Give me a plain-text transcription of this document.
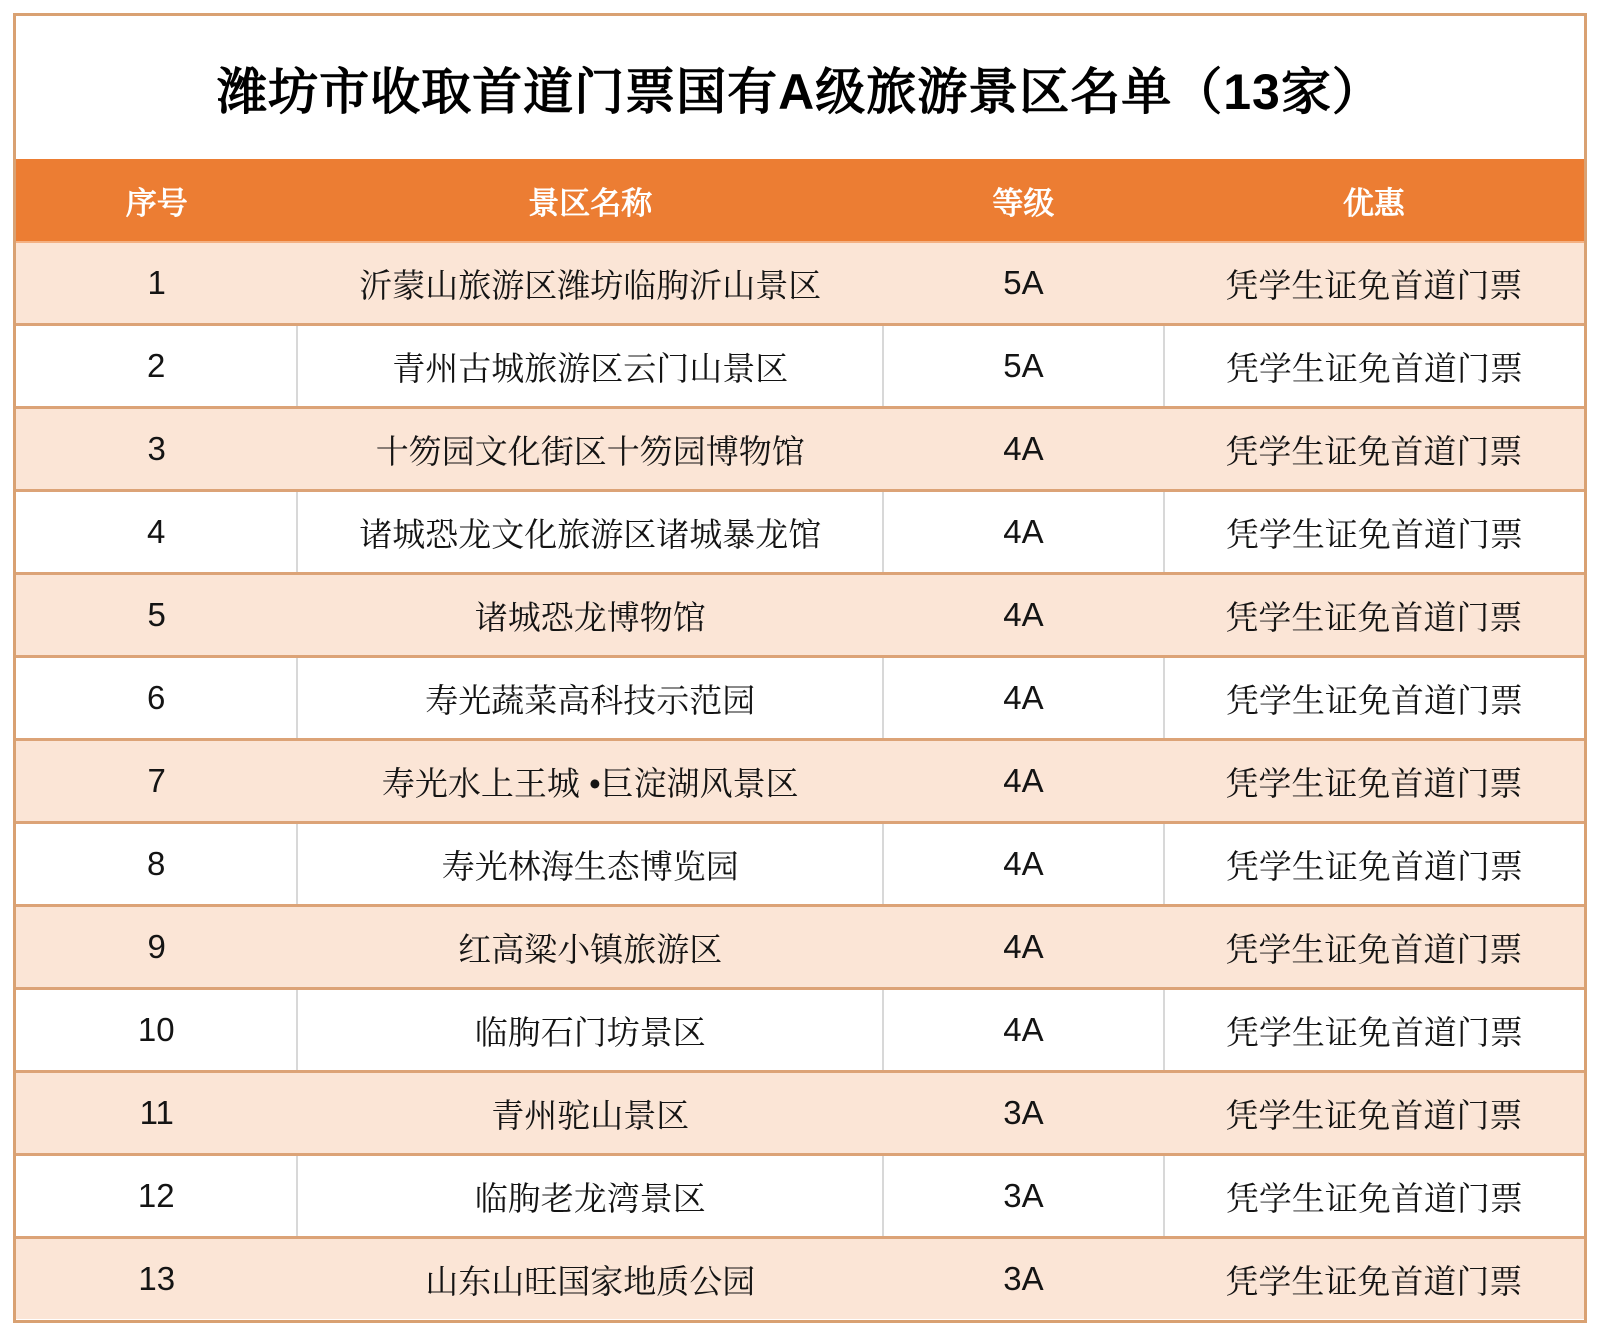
潍坊市收取首道门票国有A级旅游景区名单（13家）
序号	景区名称	等级	优惠
1	沂蒙山旅游区潍坊临朐沂山景区	5A	凭学生证免首道门票
2	青州古城旅游区云门山景区	5A	凭学生证免首道门票
3	十笏园文化街区十笏园博物馆	4A	凭学生证免首道门票
4	诸城恐龙文化旅游区诸城暴龙馆	4A	凭学生证免首道门票
5	诸城恐龙博物馆	4A	凭学生证免首道门票
6	寿光蔬菜高科技示范园	4A	凭学生证免首道门票
7	寿光水上王城 •巨淀湖风景区	4A	凭学生证免首道门票
8	寿光林海生态博览园	4A	凭学生证免首道门票
9	红高粱小镇旅游区	4A	凭学生证免首道门票
10	临朐石门坊景区	4A	凭学生证免首道门票
11	青州驼山景区	3A	凭学生证免首道门票
12	临朐老龙湾景区	3A	凭学生证免首道门票
13	山东山旺国家地质公园	3A	凭学生证免首道门票
